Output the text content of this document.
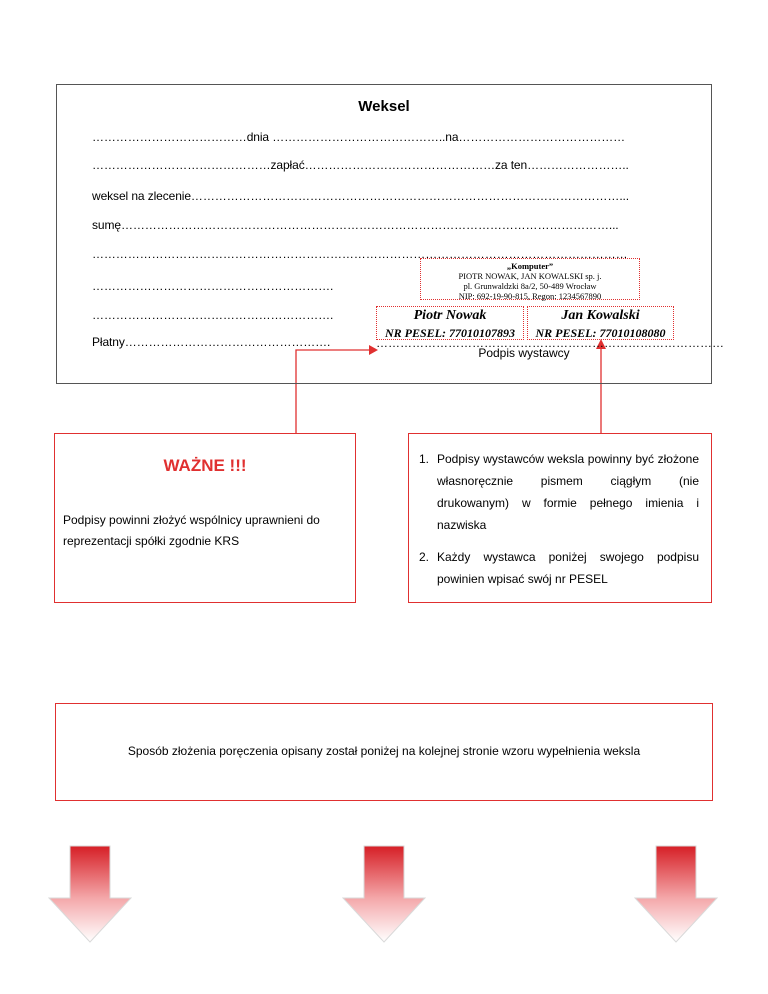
Weksel
…………………………………dnia ……………………………………..na……………………………………
………………………………………zapłać…………………………………………za ten……………………..
weksel na zlecenie………………………………………………………………………………………………...
sumę……………………………………………………………………………………………………………...
………………………………………………………………………………………………………………………
…………………………………………………….
…………………………………………………….
Płatny…………………………………………….
„Komputer”
PIOTR NOWAK, JAN KOWALSKI sp. j.
pl. Grunwaldzki 8a/2, 50-489 Wrocław
NIP: 692-19-90-815, Regon: 1234567890
Piotr Nowak
NR PESEL: 77010107893
Jan Kowalski
NR PESEL: 77010108080
……………………………………………………………………………
Podpis wystawcy
WAŻNE !!!
Podpisy powinni złożyć wspólnicy uprawnieni do reprezentacji spółki zgodnie KRS
1. Podpisy wystawców weksla powinny być złożone własnoręcznie pismem ciągłym (nie drukowanym) w formie pełnego imienia i nazwiska
2. Każdy wystawca poniżej swojego podpisu powinien wpisać swój nr PESEL
Sposób złożenia poręczenia opisany został poniżej na kolejnej stronie wzoru wypełnienia weksla
